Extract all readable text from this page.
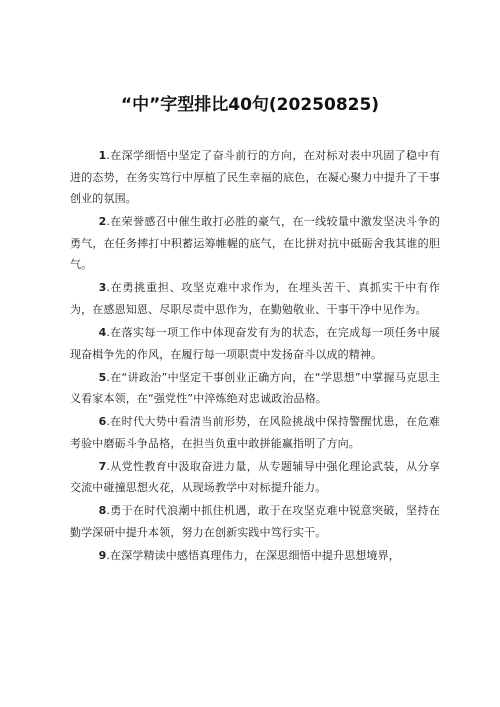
“中”字型排比40句(20250825)

1.在深学细悟中坚定了奋斗前行的方向，在对标对表中巩固了稳中有进的态势，在务实笃行中厚植了民生幸福的底色，在凝心聚力中提升了干事创业的氛围。

2.在荣誉感召中催生敢打必胜的豪气，在一线较量中激发坚决斗争的勇气，在任务摔打中积蓄运筹帷幄的底气，在比拼对抗中砥砺舍我其谁的胆气。

3.在勇挑重担、攻坚克难中求作为，在埋头苦干、真抓实干中有作为，在感恩知恩、尽职尽责中思作为，在勤勉敬业、干事干净中见作为。

4.在落实每一项工作中体现奋发有为的状态，在完成每一项任务中展现奋楫争先的作风，在履行每一项职责中发扬奋斗以成的精神。

5.在“讲政治”中坚定干事创业正确方向，在“学思想”中掌握马克思主义看家本领，在“强党性”中淬炼绝对忠诚政治品格。

6.在时代大势中看清当前形势，在风险挑战中保持警醒忧患，在危难考验中磨砺斗争品格，在担当负重中敢拼能赢指明了方向。

7.从党性教育中汲取奋进力量，从专题辅导中强化理论武装，从分享交流中碰撞思想火花，从现场教学中对标提升能力。

8.勇于在时代浪潮中抓住机遇，敢于在攻坚克难中锐意突破，坚持在勤学深研中提升本领，努力在创新实践中笃行实干。

9.在深学精读中感悟真理伟力，在深思细悟中提升思想境界，
